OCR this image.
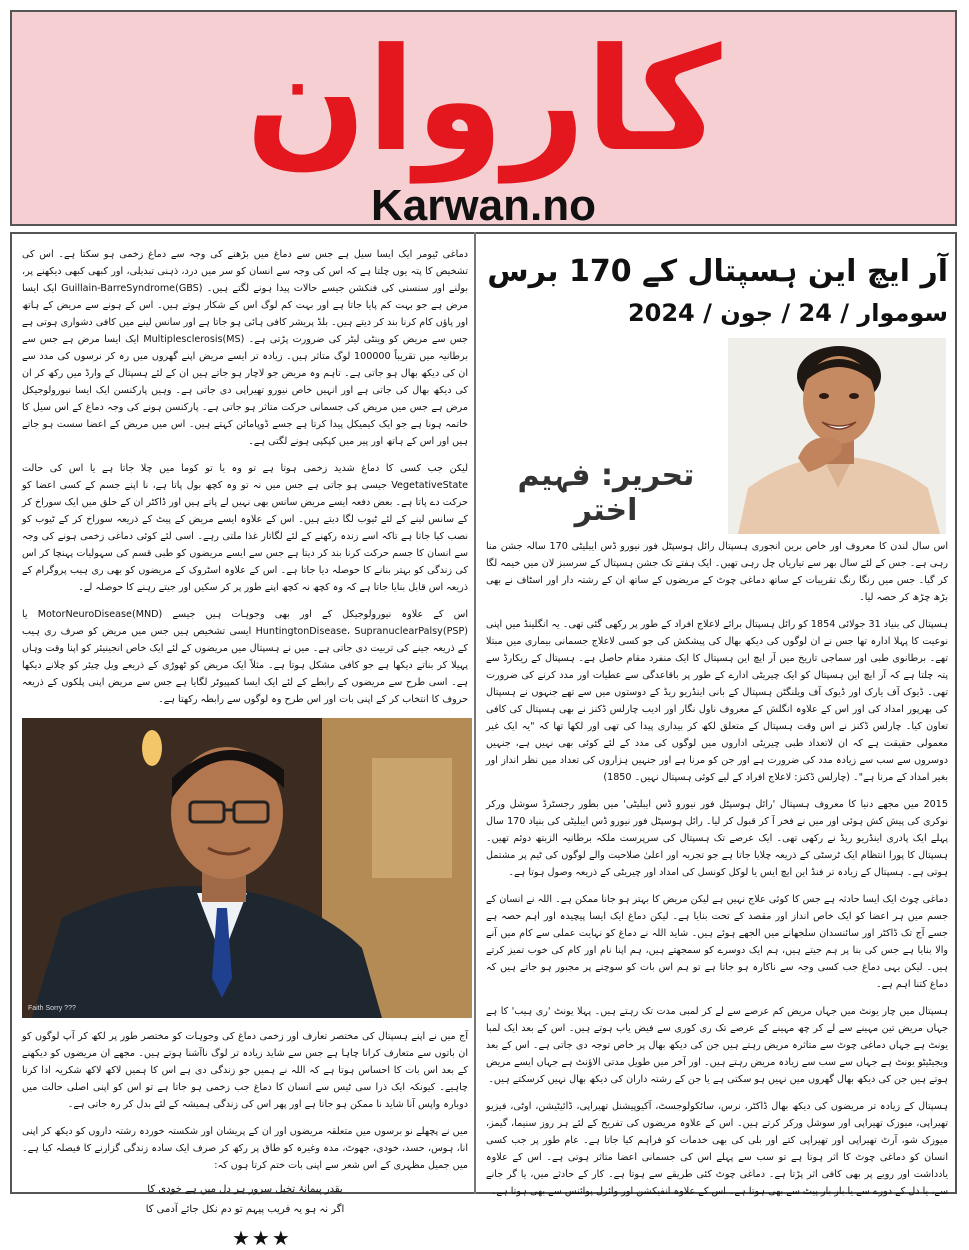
کاروان
Karwan.no
آر ایچ این ہسپتال کے 170 برس
سوموار / 24 / جون / 2024
تحریر: فہیم اختر

اس سال لندن کا معروف اور خاص برین انجوری ہسپتال رائل ہوسپٹل فور نیورو ڈس ایبلیٹی 170 سالہ جشن منا رہی ہے۔ جس کے لئے سال بھر سے تیاریاں چل رہی تھیں۔ ایک ہفتے تک جشن ہسپتال کے سرسبز لان میں خیمہ لگا کر گیا۔ جس میں رنگا رنگ تقریبات کے ساتھ دماغی چوٹ کے مریضوں کے ساتھ ان کے رشتہ دار اور اسٹاف نے بھی بڑھ چڑھ کر حصہ لیا۔

ہسپتال کی بنیاد 31 جولائی 1854 کو رائل ہسپتال برائے لاعلاج افراد کے طور پر رکھی گئی تھی۔ یہ انگلینڈ میں اپنی نوعیت کا پہلا ادارہ تھا جس نے ان لوگوں کی دیکھ بھال کی پیشکش کی جو کسی لاعلاج جسمانی بیماری میں مبتلا تھے۔ برطانوی طبی اور سماجی تاریخ میں آر ایچ این ہسپتال کا ایک منفرد مقام حاصل ہے۔ ہسپتال کے ریکارڈ سے پتہ چلتا ہے کہ آر ایچ این ہسپتال کو ایک چیریٹی ادارے کے طور پر باقاعدگی سے عطیات اور مدد کرنے کی ضرورت تھی۔ ڈیوک آف یارک اور ڈیوک آف ویلنگٹن ہسپتال کے بانی اینڈریو ریڈ کے دوستوں میں سے تھے جنہوں نے ہسپتال کی بھرپور امداد کی اور اس کے علاوہ انگلش کے معروف ناول نگار اور ادیب چارلس ڈکنز نے بھی ہسپتال کی کافی تعاون کیا۔ چارلس ڈکنز نے اس وقت ہسپتال کے متعلق لکھ کر بیداری پیدا کی تھی اور لکھا تھا کہ "یہ ایک غیر معمولی حقیقت ہے کہ ان لاتعداد طبی چیریٹی اداروں میں لوگوں کی مدد کے لئے کوئی بھی نہیں ہے، جنہیں دوسروں سے سب سے زیادہ مدد کی ضرورت ہے اور جن کو مرنا ہے اور جنہیں ہزاروں کی تعداد میں نظر انداز اور بغیر امداد کے مرنا ہے"۔ (چارلس ڈکنز: لاعلاج افراد کے لیے کوئی ہسپتال نہیں۔ 1850)

2015 میں مجھے دنیا کا معروف ہسپتال 'رائل ہوسپٹل فور نیورو ڈس ایبلیٹی' میں بطور رجسٹرڈ سوشل ورکر نوکری کی پیش کش ہوئی اور میں نے فخر آ کر قبول کر لیا۔ رائل ہوسپٹل فور نیورو ڈس ایبلیٹی کی بنیاد 170 سال پہلے ایک پادری اینڈریو ریڈ نے رکھی تھی۔ ایک عرصے تک ہسپتال کی سرپرست ملکہ برطانیہ الزبتھ دوئم تھیں۔ ہسپتال کا پورا انتظام ایک ٹرسٹی کے ذریعہ چلایا جاتا ہے جو تجربہ اور اعلیٰ صلاحیت والے لوگوں کی ٹیم پر مشتمل ہوتی ہے۔ ہسپتال کے زیادہ تر فنڈ این ایچ ایس یا لوکل کونسل کی امداد اور چیریٹی کے ذریعہ وصول ہوتا ہے۔

دماغی چوٹ ایک ایسا حادثہ ہے جس کا کوئی علاج نہیں ہے لیکن مریض کا بہتر ہو جانا ممکن ہے۔ اللہ نے انسان کے جسم میں ہر اعضا کو ایک خاص انداز اور مقصد کے تحت بنایا ہے۔ لیکن دماغ ایک ایسا پیچیدہ اور اہم حصہ ہے جسے آج تک ڈاکٹر اور سائنسدان سلجھانے میں الجھے ہوئے ہیں۔ شاید اللہ نے دماغ کو نہایت عملی سے کام میں آنے والا بنایا ہے جس کی بنا پر ہم جیتے ہیں، ہم ایک دوسرے کو سمجھتے ہیں، ہم اپنا نام اور کام کی خوب تمیز کرتے ہیں۔ لیکن یہی دماغ جب کسی وجہ سے ناکارہ ہو جاتا ہے تو ہم اس بات کو سوچنے پر مجبور ہو جاتے ہیں کہ دماغ کتنا اہم ہے۔

ہسپتال میں چار یونٹ میں جہاں مریض کم عرصے سے لے کر لمبی مدت تک رہتے ہیں۔ پہلا یونٹ 'ری ہیب' کا ہے جہاں مریض تین مہینے سے لے کر چھ مہینے کے عرصے تک ری کوری سے فیض یاب ہوتے ہیں۔ اس کے بعد ایک لمبا یونٹ ہے جہاں دماغی چوٹ سے متاثرہ مریض رہتے ہیں جن کی دیکھ بھال پر خاص توجہ دی جاتی ہے۔ اس کے بعد ویجیٹیٹو یونٹ ہے جہاں سے سب سے زیادہ مریض رہتے ہیں۔ اور آخر میں طویل مدتی الاؤنٹ ہے جہاں ایسے مریض ہوتے ہیں جن کی دیکھ بھال گھروں میں نہیں ہو سکتی ہے یا جن کے رشتہ داران کی دیکھ بھال نہیں کرسکتے ہیں۔

ہسپتال کے زیادہ تر مریضوں کی دیکھ بھال ڈاکٹر، نرس، سائکولوجسٹ، آکیوپیشنل تھیراپی، ڈائیٹیشن، اوٹی، فیزیو تھیراپی، میوزک تھیراپی اور سوشل ورکر کرتے ہیں۔ اس کے علاوہ مریضوں کی تفریح کے لئے ہر روز سنیما، گیمز، میوزک شو، آرٹ تھیراپی اور تھیراپی کتے اور بلی کی بھی خدمات کو فراہم کیا جاتا ہے۔ عام طور پر جب کسی انسان کو دماغی چوٹ کا اثر ہوتا ہے تو سب سے پہلے اس کی جسمانی اعضا متاثر ہوتی ہے۔ اس کے علاوہ یادداشت اور رویے پر بھی کافی اثر پڑتا ہے۔ دماغی چوٹ کئی طریقے سے ہوتا ہے۔ کار کے حادثے میں، یا گر جانے سے، یا دل کے دورے سے یا بار بار پیٹ سے بھی ہوتا ہے۔ اس کے علاوہ انفیکشن اور وائرل پوائنس سے بھی ہوتا ہے۔

دماغی ٹیومر ایک ایسا سیل ہے جس سے دماغ میں بڑھنے کی وجہ سے دماغ زخمی ہو سکتا ہے۔ اس کی تشخیص کا پتہ یوں چلتا ہے کہ اس کی وجہ سے انسان کو سر میں درد، ذہنی تبدیلی، اور کبھی کبھی دیکھنے پر، بولنے اور سنسنی کی فنکشن جیسے حالات پیدا ہونے لگتے ہیں۔ Guillain-BarreSyndrome(GBS) ایک ایسا مرض ہے جو بہت کم پایا جاتا ہے اور بہت کم لوگ اس کے شکار ہوتے ہیں۔ اس کے ہونے سے مریض کے ہاتھ اور پاؤں کام کرنا بند کر دیتے ہیں۔ بلڈ پریشر کافی ہائی ہو جاتا ہے اور سانس لینے میں کافی دشواری ہوتی ہے جس سے مریض کو وینٹی لیٹر کی ضرورت پڑتی ہے۔ Multiplesclerosis(MS) ایک ایسا مرض ہے جس سے برطانیہ میں تقریباً 100000 لوگ متاثر ہیں۔ زیادہ تر ایسے مریض اپنے گھروں میں رہ کر نرسوں کی مدد سے ان کی دیکھ بھال ہو جاتی ہے۔ تاہم وہ مریض جو لاچار ہو جاتے ہیں ان کے لئے ہسپتال کے وارڈ میں رکھ کر ان کی دیکھ بھال کی جاتی ہے اور انہیں خاص نیورو تھیراپی دی جاتی ہے۔ وہیں پارکنسن ایک ایسا نیورولوجیکل مرض ہے جس میں مریض کی جسمانی حرکت متاثر ہو جاتی ہے۔ پارکنسن ہونے کی وجہ دماغ کے اس سیل کا خاتمہ ہونا ہے جو ایک کیمیکل پیدا کرتا ہے جسے ڈوپامائن کہتے ہیں۔ اس میں مریض کے اعضا سست ہو جاتے ہیں اور اس کے ہاتھ اور پیر میں کپکپی ہونے لگتی ہے۔

لیکن جب کسی کا دماغ شدید زخمی ہوتا ہے تو وہ یا تو کوما میں چلا جاتا ہے یا اس کی حالت VegetativeState جیسی ہو جاتی ہے جس میں نہ تو وہ کچھ بول پاتا ہے، نا اپنے جسم کے کسی اعضا کو حرکت دے پاتا ہے۔ بعض دفعہ ایسے مریض سانس بھی نہیں لے پاتے ہیں اور ڈاکٹر ان کے حلق میں ایک سوراخ کر کے سانس لینے کے لئے ٹیوب لگا دیتے ہیں۔ اس کے علاوہ ایسے مریض کے پیٹ کے ذریعہ سوراخ کر کے ٹیوب کو نصب کیا جاتا ہے تاکہ اسے زندہ رکھنے کے لئے لگاتار غذا ملتی رہے۔ اسی لئے کوئی دماغی زخمی ہونے کی وجہ سے انسان کا جسم حرکت کرنا بند کر دیتا ہے جس سے ایسے مریضوں کو طبی قسم کی سہولیات پہنچا کر اس کی زندگی کو بہتر بنانے کا حوصلہ دیا جاتا ہے۔ اس کے علاوہ اسٹروک کے مریضوں کو بھی ری ہیب پروگرام کے ذریعہ اس قابل بنایا جاتا ہے کہ وہ کچھ نہ کچھ اپنے طور پر کر سکیں اور جیتے رہنے کا حوصلہ لے۔

اس کے علاوہ نیورولوجیکل کے اور بھی وجوہات ہیں جیسے MotorNeuroDisease(MND) یا HuntingtonDisease، SupranuclearPalsy(PSP) ایسی تشخیص ہیں جس میں مریض کو صرف ری ہیب کے ذریعہ جینے کی تربیت دی جاتی ہے۔ میں نے ہسپتال میں مریضوں کے لئے ایک خاص انجینیئر کو اپنا وقت وہاں پہیلا کر بناتے دیکھا ہے جو کافی مشکل ہوتا ہے۔ مثلاً ایک مریض کو ٹھوڑی کے ذریعے ویل چیئر کو چلانے دیکھا ہے۔ اسی طرح سے مریضوں کے رابطے کے لئے ایک ایسا کمپیوٹر لگایا ہے جس سے مریض اپنی پلکوں کے ذریعہ حروف کا انتخاب کر کے اپنی بات اور اس طرح وہ لوگوں سے رابطہ رکھتا ہے۔

Faith Sorry ???

آج میں نے اپنے ہسپتال کی مختصر تعارف اور زخمی دماغ کی وجوہات کو مختصر طور پر لکھ کر آپ لوگوں کو ان باتوں سے متعارف کرانا چاہا ہے جس سے شاید زیادہ تر لوگ ناآشنا ہوتے ہیں۔ مجھے ان مریضوں کو دیکھنے کے بعد اس بات کا احساس ہوتا ہے کہ اللہ نے ہمیں جو زندگی دی ہے اس کا ہمیں لاکھ لاکھ شکریہ ادا کرنا چاہیے۔ کیونکہ ایک ذرا سی ٹیس سے انسان کا دماغ جب زخمی ہو جاتا ہے تو اس کو اپنی اصلی حالت میں دوبارہ واپس آنا شاید نا ممکن ہو جاتا ہے اور پھر اس کی زندگی ہمیشہ کے لئے بدل کر رہ جاتی ہے۔

میں نے پچھلے نو برسوں میں متعلقہ مریضوں اور ان کے پریشان اور شکستہ خوردہ رشتہ داروں کو دیکھ کر اپنی انا، ہوس، حسد، خودی، جھوٹ، مدہ وغیرہ کو طاق پر رکھ کر صرف ایک سادہ زندگی گزارنے کا فیصلہ کیا ہے۔ میں جمیل مظہری کے اس شعر سے اپنی بات ختم کرتا ہوں کہ:

بقدر پیمانۂ تخیل سرور ہر دل میں ہے خودی کا

اگر نہ ہو یہ فریب پیہم تو دم نکل جائے آدمی کا

★★★
